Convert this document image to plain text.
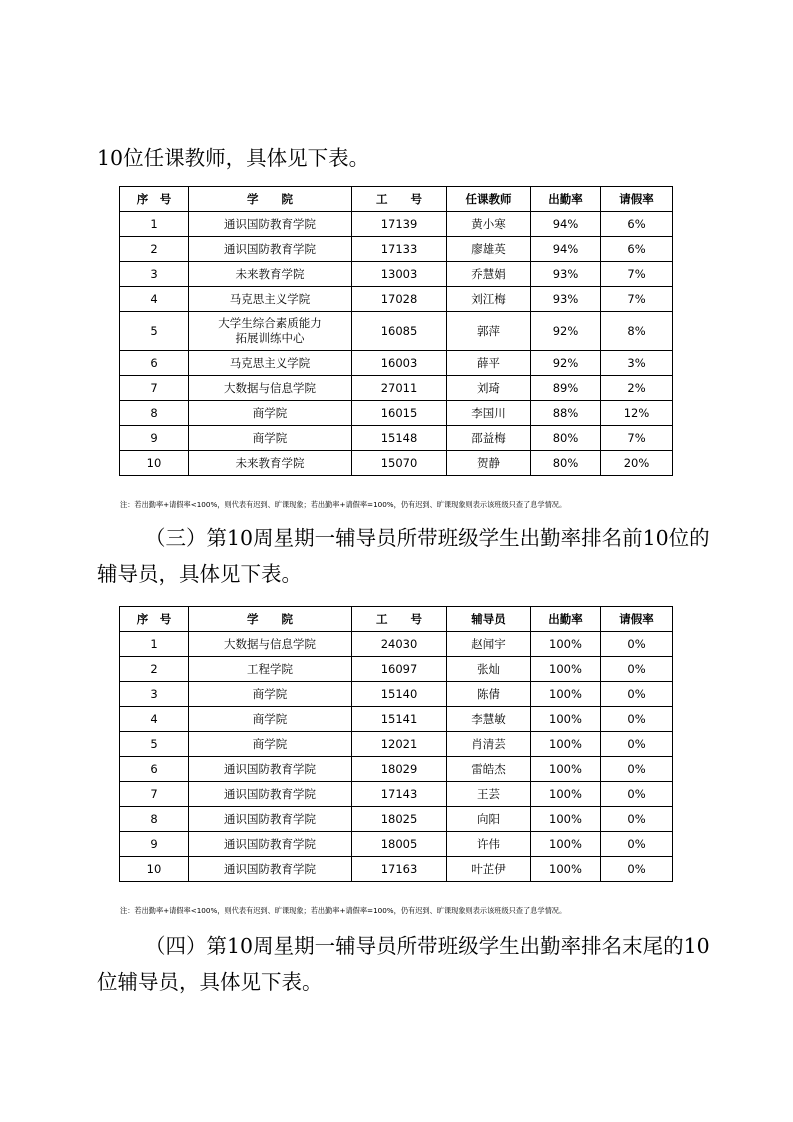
10位任课教师，具体见下表。

序　号	学　　院	工　　号	任课教师	出勤率	请假率
1	通识国防教育学院	17139	黄小寒	94%	6%
2	通识国防教育学院	17133	廖雄英	94%	6%
3	未来教育学院	13003	乔慧娟	93%	7%
4	马克思主义学院	17028	刘江梅	93%	7%
5	大学生综合素质能力
拓展训练中心	16085	郭萍	92%	8%
6	马克思主义学院	16003	薛平	92%	3%
7	大数据与信息学院	27011	刘琦	89%	2%
8	商学院	16015	李国川	88%	12%
9	商学院	15148	邵益梅	80%	7%
10	未来教育学院	15070	贺静	80%	20%

注：若出勤率+请假率<100%，则代表有迟到、旷课现象；若出勤率+请假率=100%，仍有迟到、旷课现象则表示该班级只查了息学情况。

（三）第10周星期一辅导员所带班级学生出勤率排名前10位的辅导员，具体见下表。

序　号	学　　院	工　　号	辅导员	出勤率	请假率
1	大数据与信息学院	24030	赵闻宇	100%	0%
2	工程学院	16097	张灿	100%	0%
3	商学院	15140	陈倩	100%	0%
4	商学院	15141	李慧敏	100%	0%
5	商学院	12021	肖清芸	100%	0%
6	通识国防教育学院	18029	雷皓杰	100%	0%
7	通识国防教育学院	17143	王芸	100%	0%
8	通识国防教育学院	18025	向阳	100%	0%
9	通识国防教育学院	18005	许伟	100%	0%
10	通识国防教育学院	17163	叶芷伊	100%	0%

注：若出勤率+请假率<100%，则代表有迟到、旷课现象；若出勤率+请假率=100%，仍有迟到、旷课现象则表示该班级只查了息学情况。

（四）第10周星期一辅导员所带班级学生出勤率排名末尾的10位辅导员，具体见下表。
